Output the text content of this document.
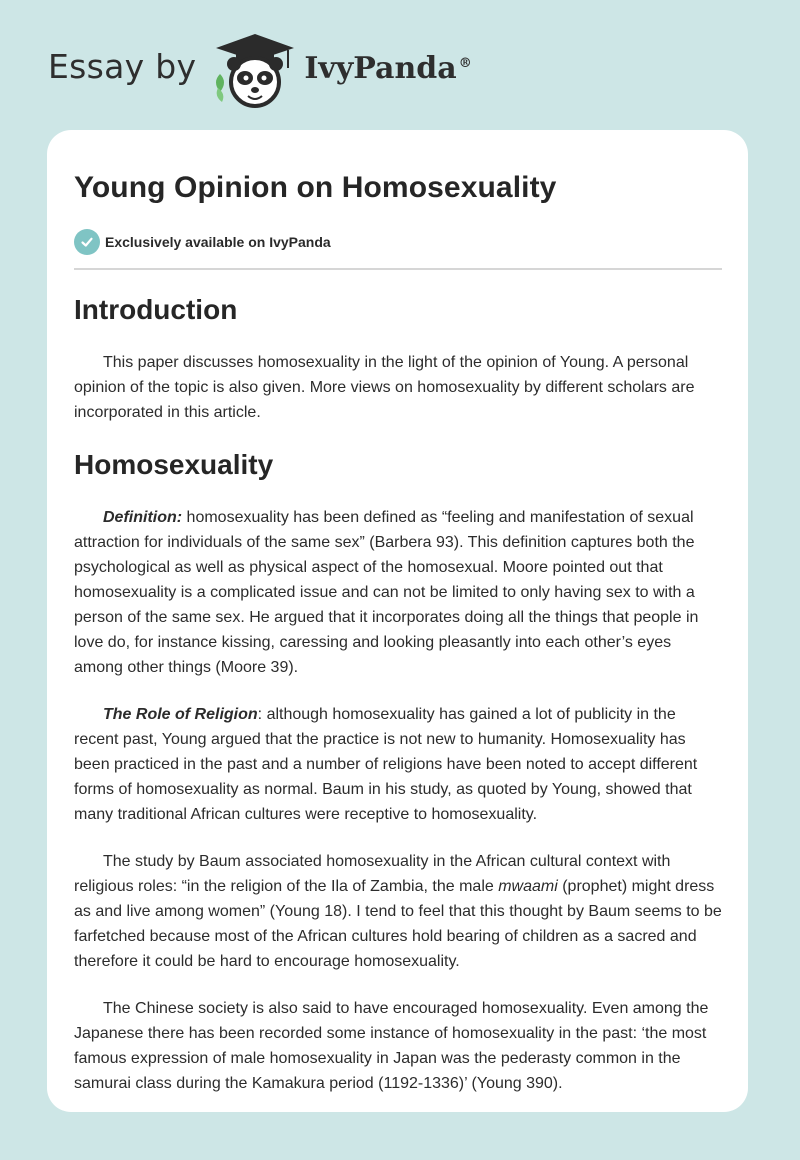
Essay by	IvyPanda ®
Young Opinion on Homosexuality
Exclusively available on IvyPanda
Introduction

This paper discusses homosexuality in the light of the opinion of Young. A personal opinion of the topic is also given. More views on homosexuality by different scholars are incorporated in this article.

Homosexuality

Definition: homosexuality has been defined as “feeling and manifestation of sexual attraction for individuals of the same sex” (Barbera 93). This definition captures both the psychological as well as physical aspect of the homosexual. Moore pointed out that homosexuality is a complicated issue and can not be limited to only having sex to with a person of the same sex. He argued that it incorporates doing all the things that people in love do, for instance kissing, caressing and looking pleasantly into each other’s eyes among other things (Moore 39).

The Role of Religion: although homosexuality has gained a lot of publicity in the recent past, Young argued that the practice is not new to humanity. Homosexuality has been practiced in the past and a number of religions have been noted to accept different forms of homosexuality as normal. Baum in his study, as quoted by Young, showed that many traditional African cultures were receptive to homosexuality.

The study by Baum associated homosexuality in the African cultural context with religious roles: “in the religion of the Ila of Zambia, the male mwaami (prophet) might dress as and live among women” (Young 18). I tend to feel that this thought by Baum seems to be farfetched because most of the African cultures hold bearing of children as a sacred and therefore it could be hard to encourage homosexuality.

The Chinese society is also said to have encouraged homosexuality. Even among the Japanese there has been recorded some instance of homosexuality in the past: ‘the most famous expression of male homosexuality in Japan was the pederasty common in the samurai class during the Kamakura period (1192-1336)’ (Young 390).
